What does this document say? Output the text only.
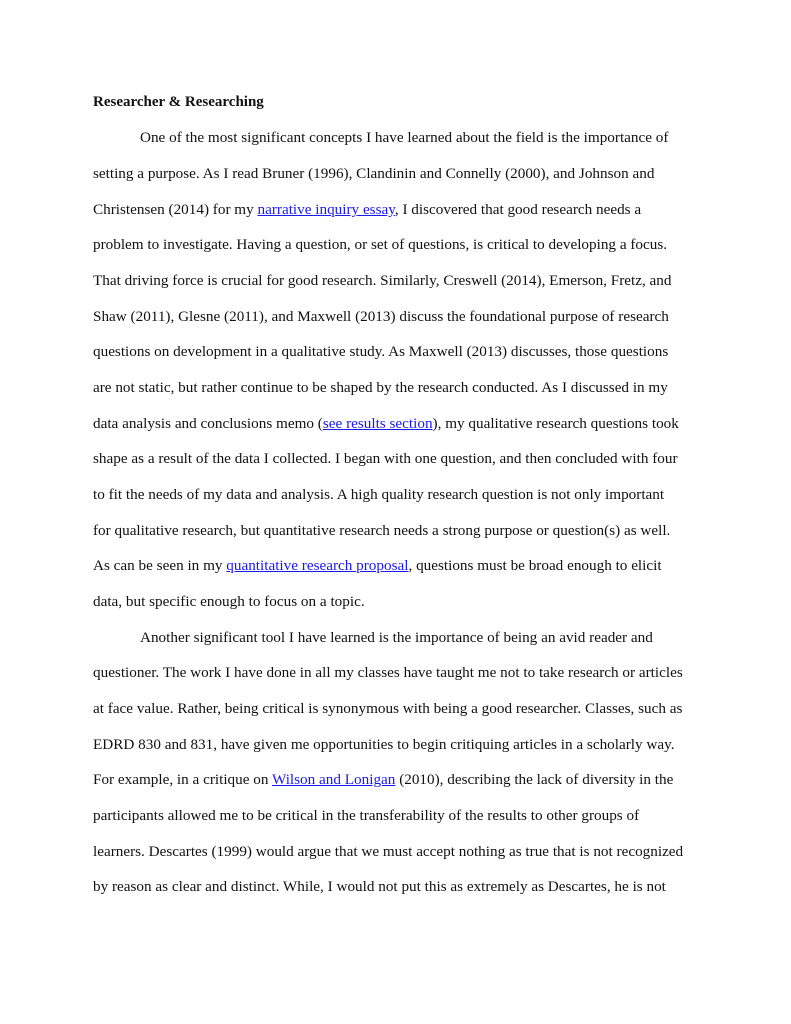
Researcher & Researching
One of the most significant concepts I have learned about the field is the importance of
setting a purpose. As I read Bruner (1996), Clandinin and Connelly (2000), and Johnson and
Christensen (2014) for my narrative inquiry essay, I discovered that good research needs a
problem to investigate. Having a question, or set of questions, is critical to developing a focus.
That driving force is crucial for good research. Similarly, Creswell (2014), Emerson, Fretz, and
Shaw (2011), Glesne (2011), and Maxwell (2013) discuss the foundational purpose of research
questions on development in a qualitative study. As Maxwell (2013) discusses, those questions
are not static, but rather continue to be shaped by the research conducted. As I discussed in my
data analysis and conclusions memo (see results section), my qualitative research questions took
shape as a result of the data I collected. I began with one question, and then concluded with four
to fit the needs of my data and analysis. A high quality research question is not only important
for qualitative research, but quantitative research needs a strong purpose or question(s) as well.
As can be seen in my quantitative research proposal, questions must be broad enough to elicit
data, but specific enough to focus on a topic.
Another significant tool I have learned is the importance of being an avid reader and
questioner. The work I have done in all my classes have taught me not to take research or articles
at face value. Rather, being critical is synonymous with being a good researcher. Classes, such as
EDRD 830 and 831, have given me opportunities to begin critiquing articles in a scholarly way.
For example, in a critique on Wilson and Lonigan (2010), describing the lack of diversity in the
participants allowed me to be critical in the transferability of the results to other groups of
learners. Descartes (1999) would argue that we must accept nothing as true that is not recognized
by reason as clear and distinct. While, I would not put this as extremely as Descartes, he is not
